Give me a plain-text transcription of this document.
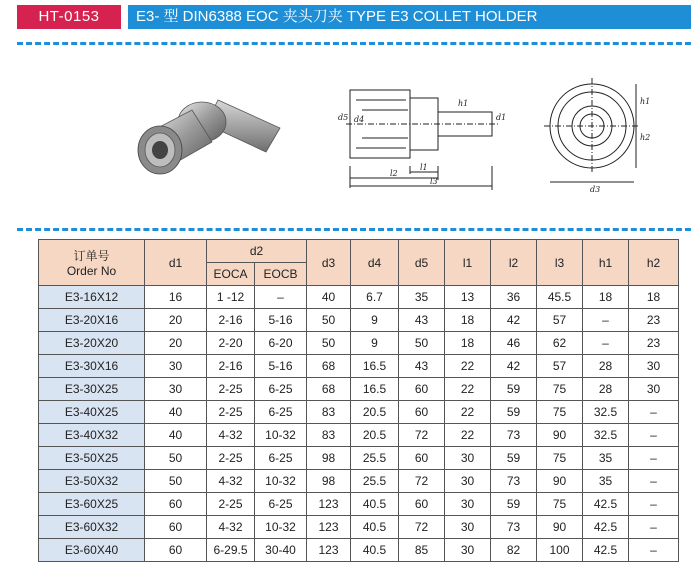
HT-0153	E3- 型 DIN6388 EOC 夹头刀夹 TYPE E3 COLLET HOLDER
d5 d4	d1
h1
l1
l2
l3
h1
h2
d3
订单号
Order No	d1	d2		d3	d4	d5	l1	l2	l3	h1	h2
		EOCA	EOCB								
E3-16X12	16	1 -12	–	40	6.7	35	13	36	45.5	18	18
E3-20X16	20	2-16	5-16	50	9	43	18	42	57	–	23
E3-20X20	20	2-20	6-20	50	9	50	18	46	62	–	23
E3-30X16	30	2-16	5-16	68	16.5	43	22	42	57	28	30
E3-30X25	30	2-25	6-25	68	16.5	60	22	59	75	28	30
E3-40X25	40	2-25	6-25	83	20.5	60	22	59	75	32.5	–
E3-40X32	40	4-32	10-32	83	20.5	72	22	73	90	32.5	–
E3-50X25	50	2-25	6-25	98	25.5	60	30	59	75	35	–
E3-50X32	50	4-32	10-32	98	25.5	72	30	73	90	35	–
E3-60X25	60	2-25	6-25	123	40.5	60	30	59	75	42.5	–
E3-60X32	60	4-32	10-32	123	40.5	72	30	73	90	42.5	–
E3-60X40	60	6-29.5	30-40	123	40.5	85	30	82	100	42.5	–
